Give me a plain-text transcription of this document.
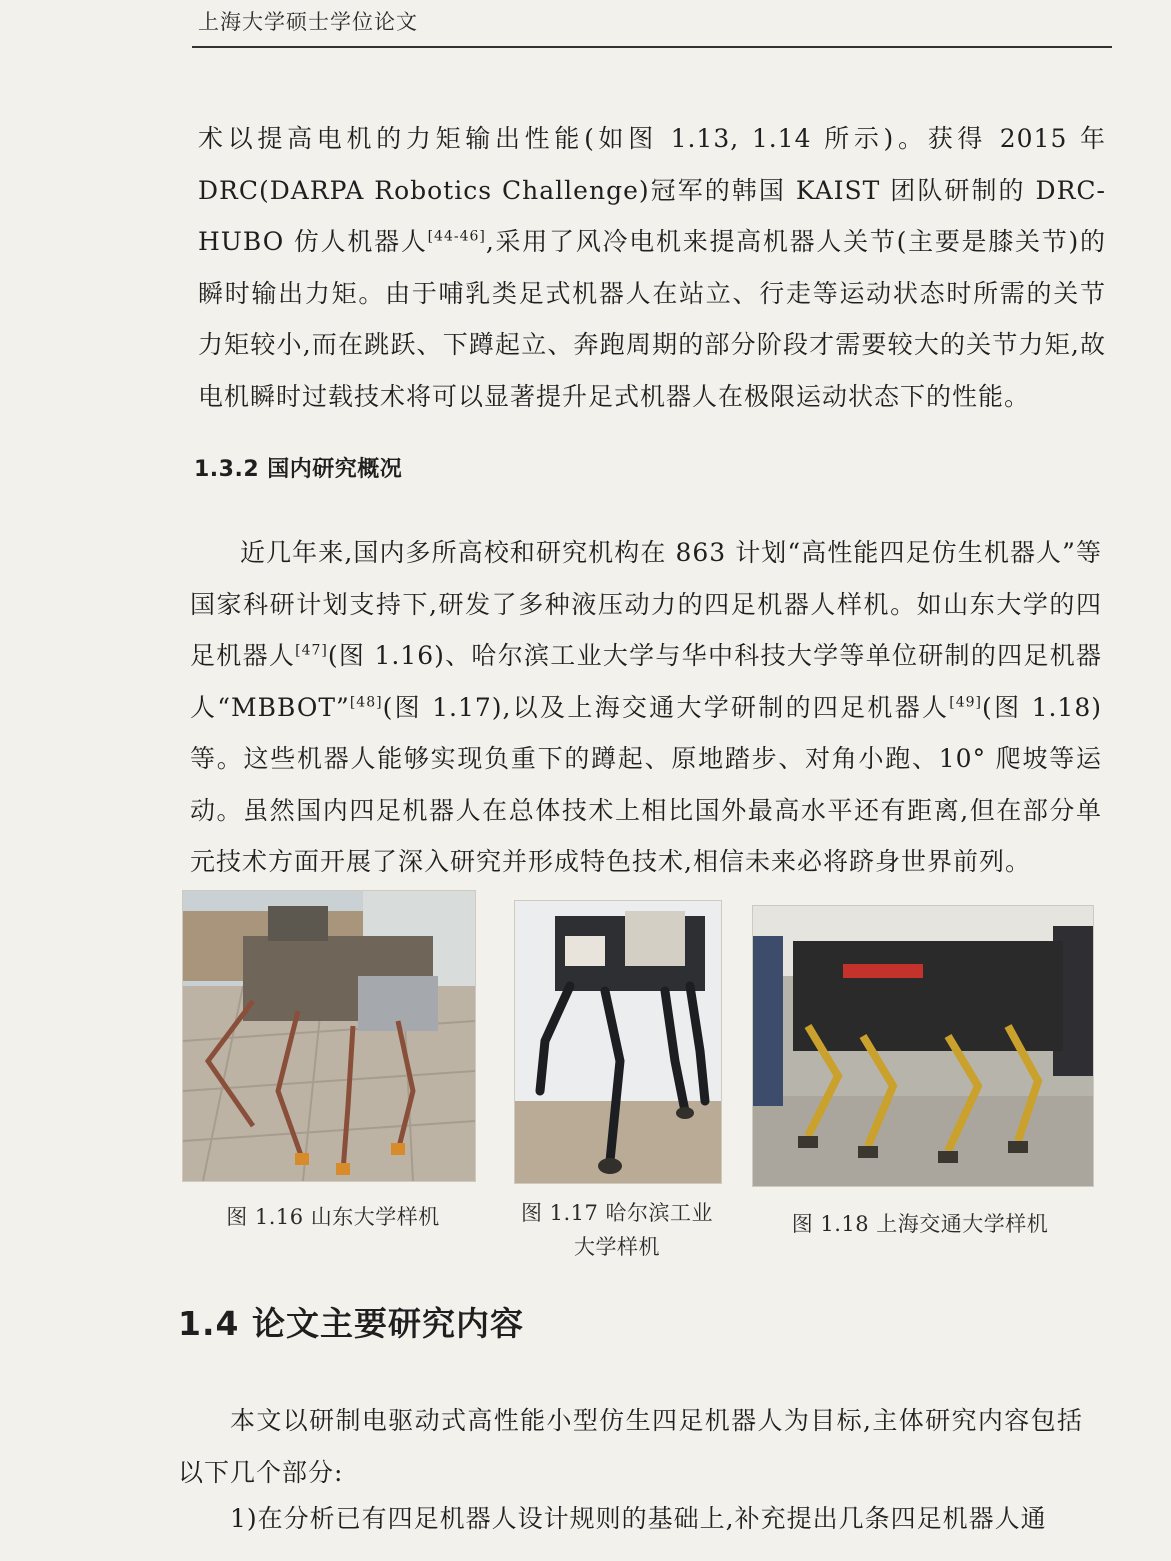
上海大学硕士学位论文

术以提高电机的力矩输出性能(如图 1.13, 1.14 所示)。获得 2015 年 DRC(DARPA Robotics Challenge)冠军的韩国 KAIST 团队研制的 DRC-HUBO 仿人机器人[44-46],采用了风冷电机来提高机器人关节(主要是膝关节)的瞬时输出力矩。由于哺乳类足式机器人在站立、行走等运动状态时所需的关节力矩较小,而在跳跃、下蹲起立、奔跑周期的部分阶段才需要较大的关节力矩,故电机瞬时过载技术将可以显著提升足式机器人在极限运动状态下的性能。

1.3.2 国内研究概况

近几年来,国内多所高校和研究机构在 863 计划“高性能四足仿生机器人”等国家科研计划支持下,研发了多种液压动力的四足机器人样机。如山东大学的四足机器人[47](图 1.16)、哈尔滨工业大学与华中科技大学等单位研制的四足机器人“MBBOT”[48](图 1.17),以及上海交通大学研制的四足机器人[49](图 1.18)等。这些机器人能够实现负重下的蹲起、原地踏步、对角小跑、10° 爬坡等运动。虽然国内四足机器人在总体技术上相比国外最高水平还有距离,但在部分单元技术方面开展了深入研究并形成特色技术,相信未来必将跻身世界前列。

图 1.16 山东大学样机	图 1.17 哈尔滨工业
大学样机
图 1.18 上海交通大学样机
1.4 论文主要研究内容

本文以研制电驱动式高性能小型仿生四足机器人为目标,主体研究内容包括以下几个部分:

1)在分析已有四足机器人设计规则的基础上,补充提出几条四足机器人通
